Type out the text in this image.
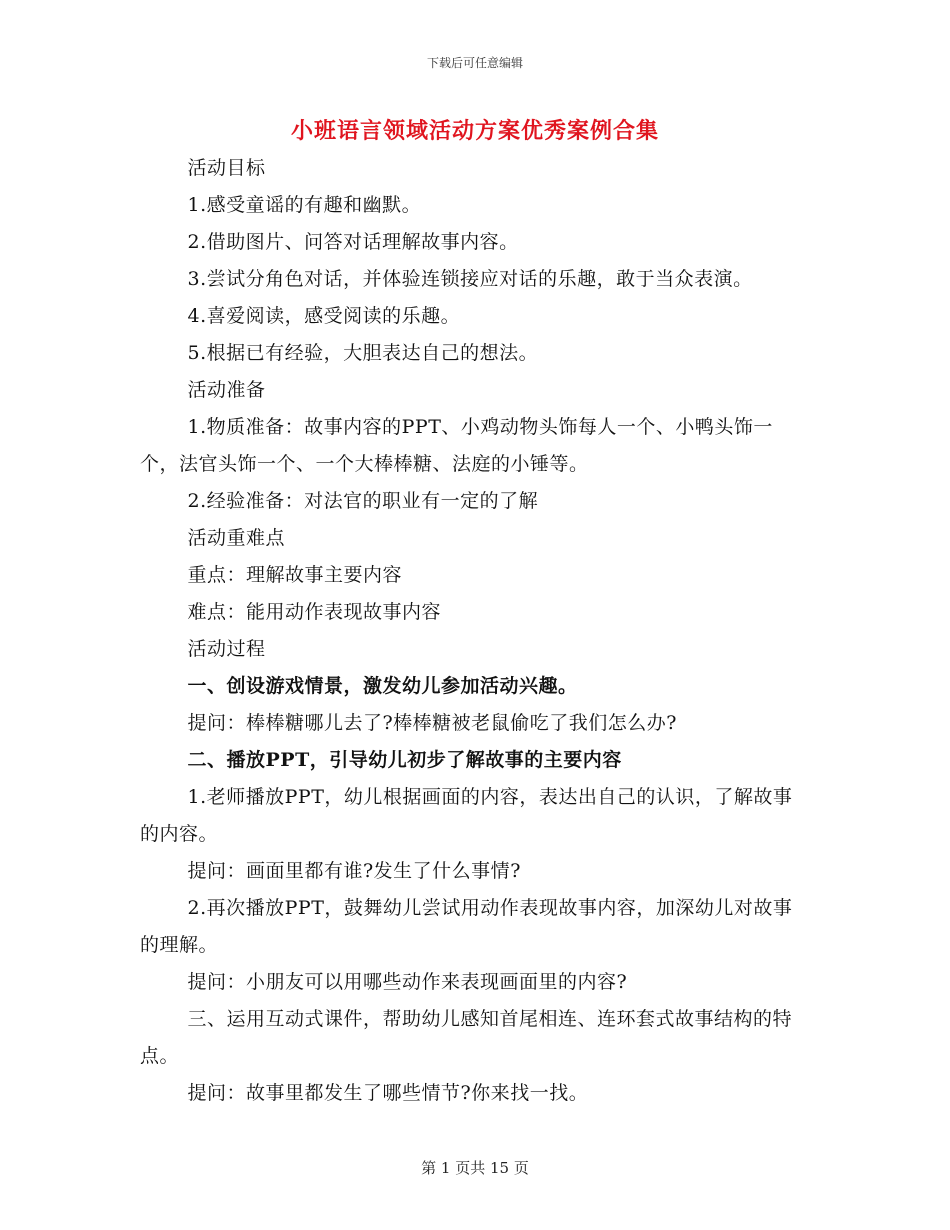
下载后可任意编辑
小班语言领域活动方案优秀案例合集

活动目标

1.感受童谣的有趣和幽默。

2.借助图片、问答对话理解故事内容。

3.尝试分角色对话，并体验连锁接应对话的乐趣，敢于当众表演。

4.喜爱阅读，感受阅读的乐趣。

5.根据已有经验，大胆表达自己的想法。

活动准备

1.物质准备：故事内容的PPT、小鸡动物头饰每人一个、小鸭头饰一个，法官头饰一个、一个大棒棒糖、法庭的小锤等。

2.经验准备：对法官的职业有一定的了解

活动重难点

重点：理解故事主要内容

难点：能用动作表现故事内容

活动过程

一、创设游戏情景，激发幼儿参加活动兴趣。

提问：棒棒糖哪儿去了?棒棒糖被老鼠偷吃了我们怎么办?

二、播放PPT，引导幼儿初步了解故事的主要内容

1.老师播放PPT，幼儿根据画面的内容，表达出自己的认识，了解故事的内容。

提问：画面里都有谁?发生了什么事情?

2.再次播放PPT，鼓舞幼儿尝试用动作表现故事内容，加深幼儿对故事的理解。

提问：小朋友可以用哪些动作来表现画面里的内容?

三、运用互动式课件，帮助幼儿感知首尾相连、连环套式故事结构的特点。

提问：故事里都发生了哪些情节?你来找一找。

第 1 页共 15 页
